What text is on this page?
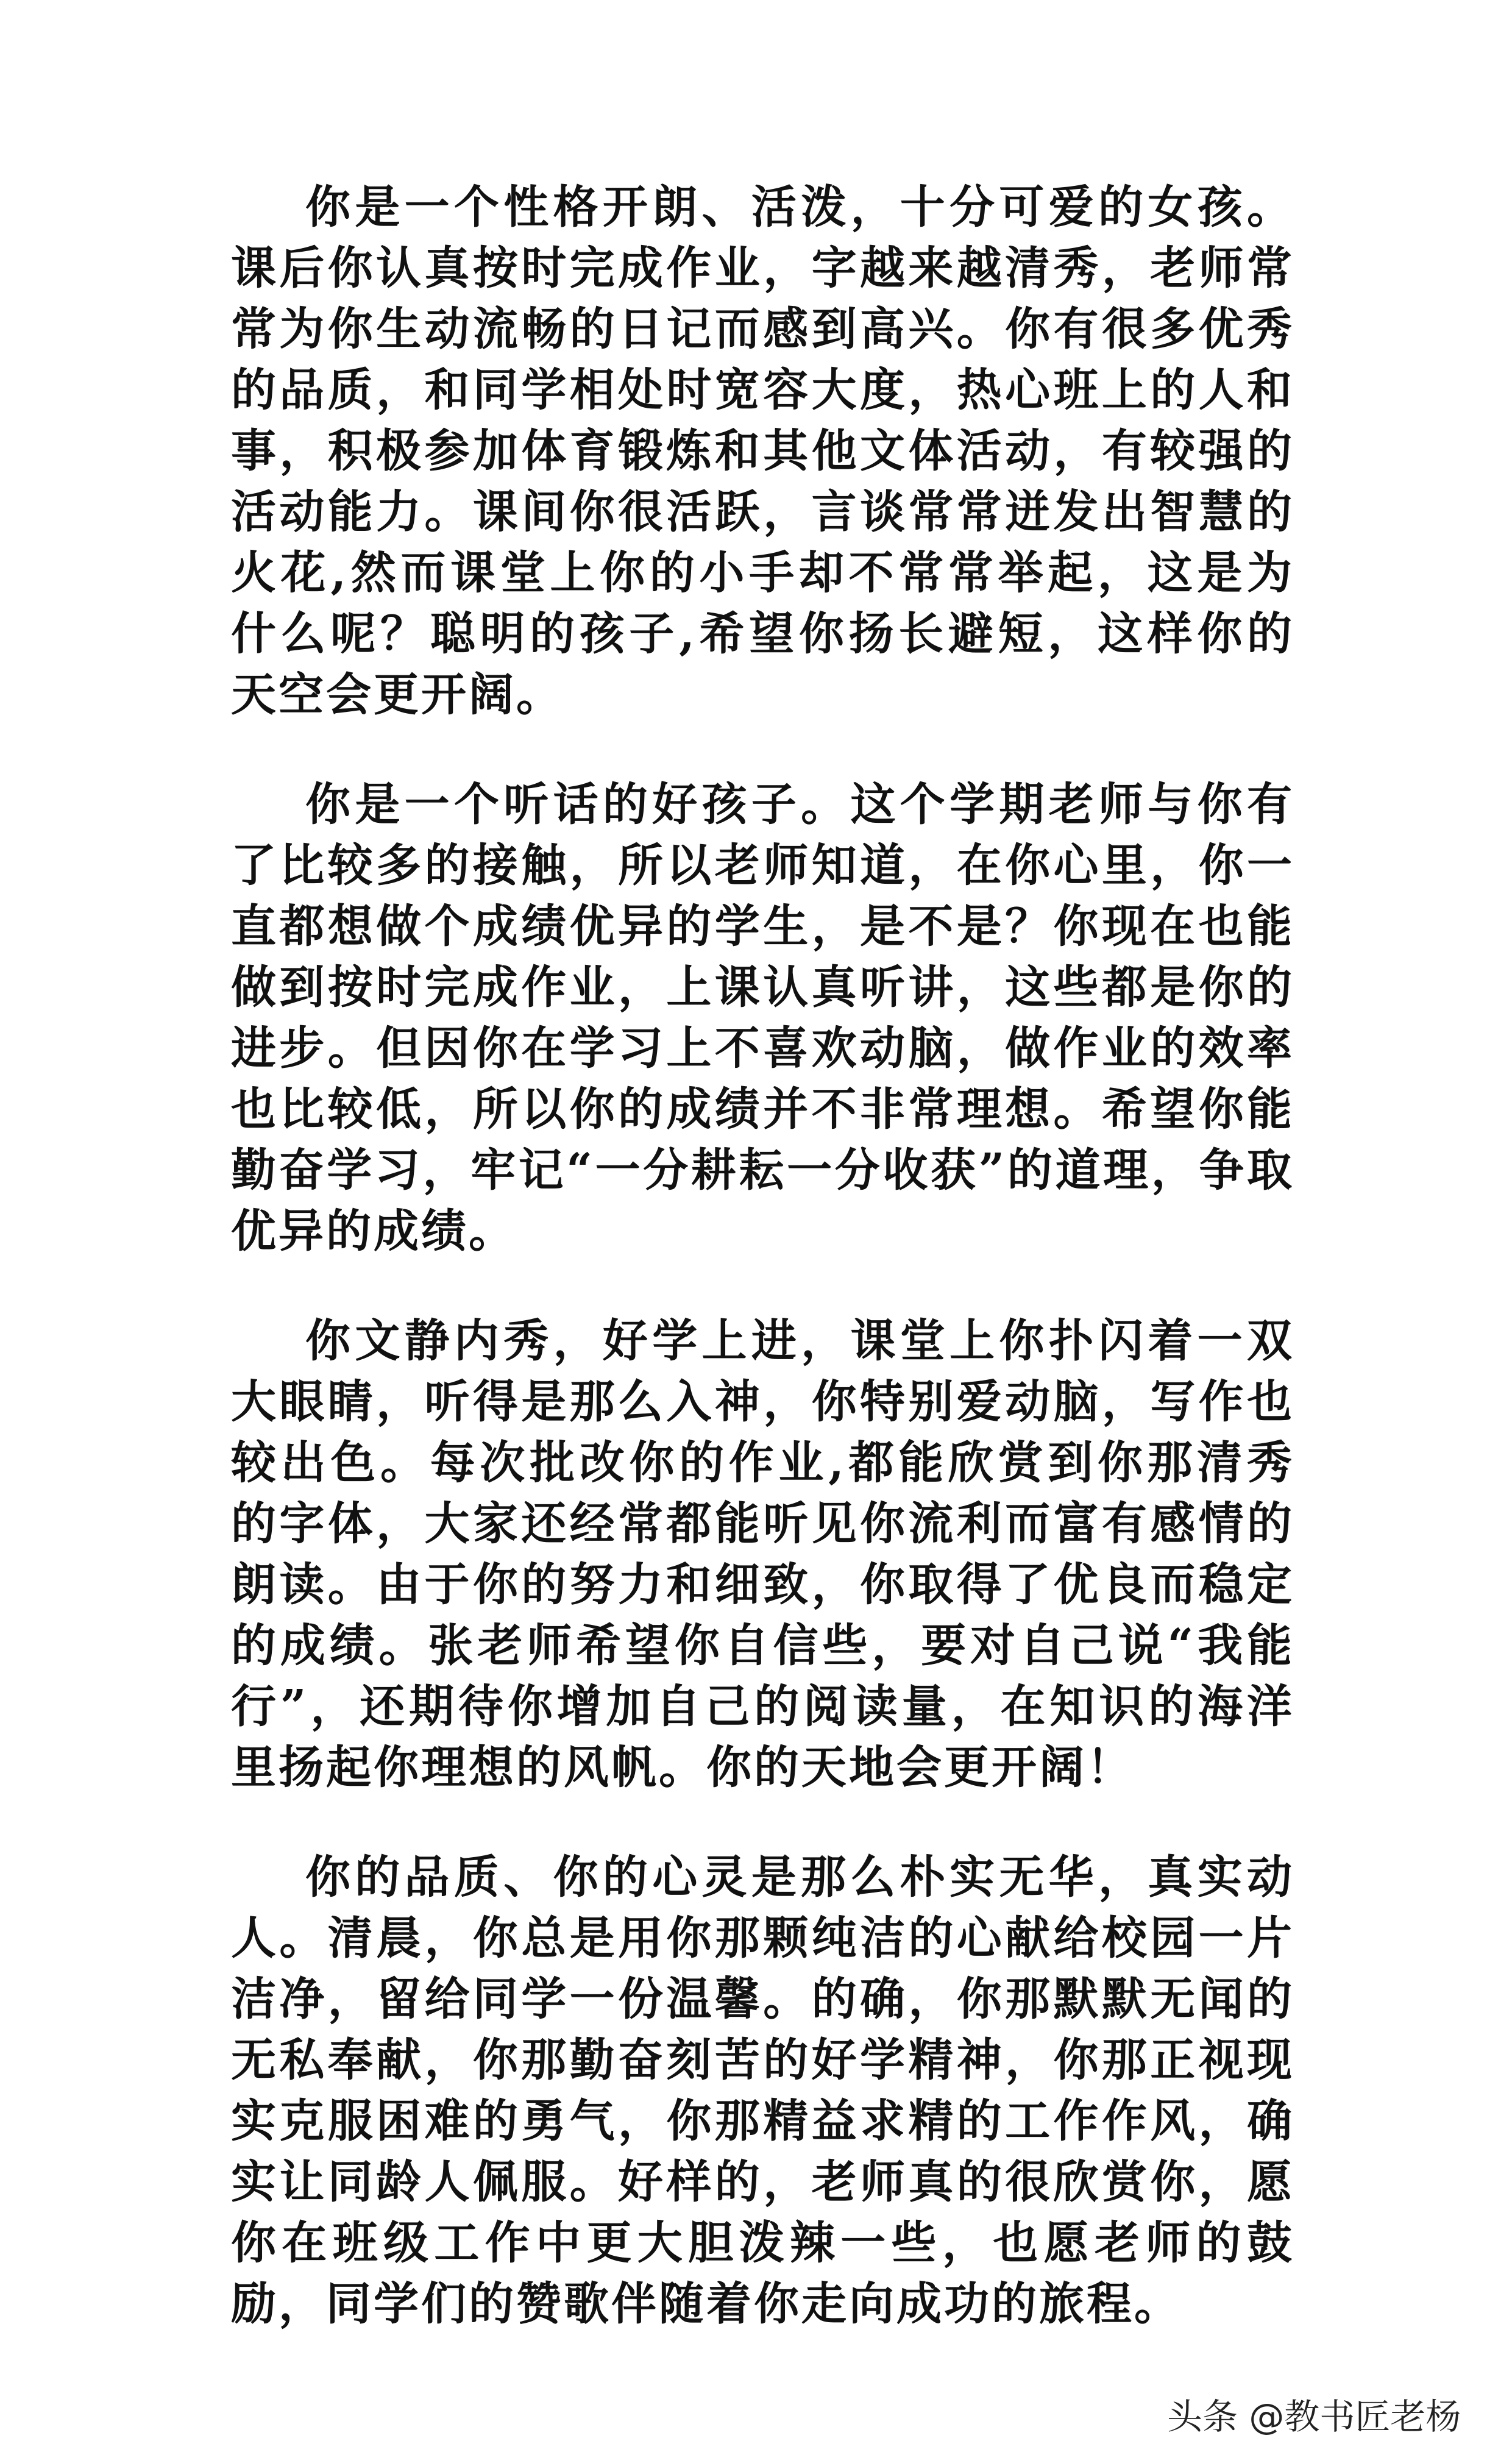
你是一个性格开朗、活泼，十分可爱的女孩。课后你认真按时完成作业，字越来越清秀，老师常常为你生动流畅的日记而感到高兴。你有很多优秀的品质，和同学相处时宽容大度，热心班上的人和事，积极参加体育锻炼和其他文体活动，有较强的活动能力。课间你很活跃，言谈常常迸发出智慧的火花,然而课堂上你的小手却不常常举起，这是为什么呢？聪明的孩子,希望你扬长避短，这样你的天空会更开阔。

你是一个听话的好孩子。这个学期老师与你有了比较多的接触，所以老师知道，在你心里，你一直都想做个成绩优异的学生，是不是？你现在也能做到按时完成作业，上课认真听讲，这些都是你的进步。但因你在学习上不喜欢动脑，做作业的效率也比较低，所以你的成绩并不非常理想。希望你能勤奋学习，牢记“一分耕耘一分收获”的道理，争取优异的成绩。

你文静内秀，好学上进，课堂上你扑闪着一双大眼睛，听得是那么入神，你特别爱动脑，写作也较出色。每次批改你的作业,都能欣赏到你那清秀的字体，大家还经常都能听见你流利而富有感情的朗读。由于你的努力和细致，你取得了优良而稳定的成绩。张老师希望你自信些，要对自己说“我能行”，还期待你增加自己的阅读量，在知识的海洋里扬起你理想的风帆。你的天地会更开阔！

你的品质、你的心灵是那么朴实无华，真实动人。清晨，你总是用你那颗纯洁的心献给校园一片洁净，留给同学一份温馨。的确，你那默默无闻的无私奉献，你那勤奋刻苦的好学精神，你那正视现实克服困难的勇气，你那精益求精的工作作风，确实让同龄人佩服。好样的，老师真的很欣赏你，愿你在班级工作中更大胆泼辣一些，也愿老师的鼓励，同学们的赞歌伴随着你走向成功的旅程。

头条 @教书匠老杨
